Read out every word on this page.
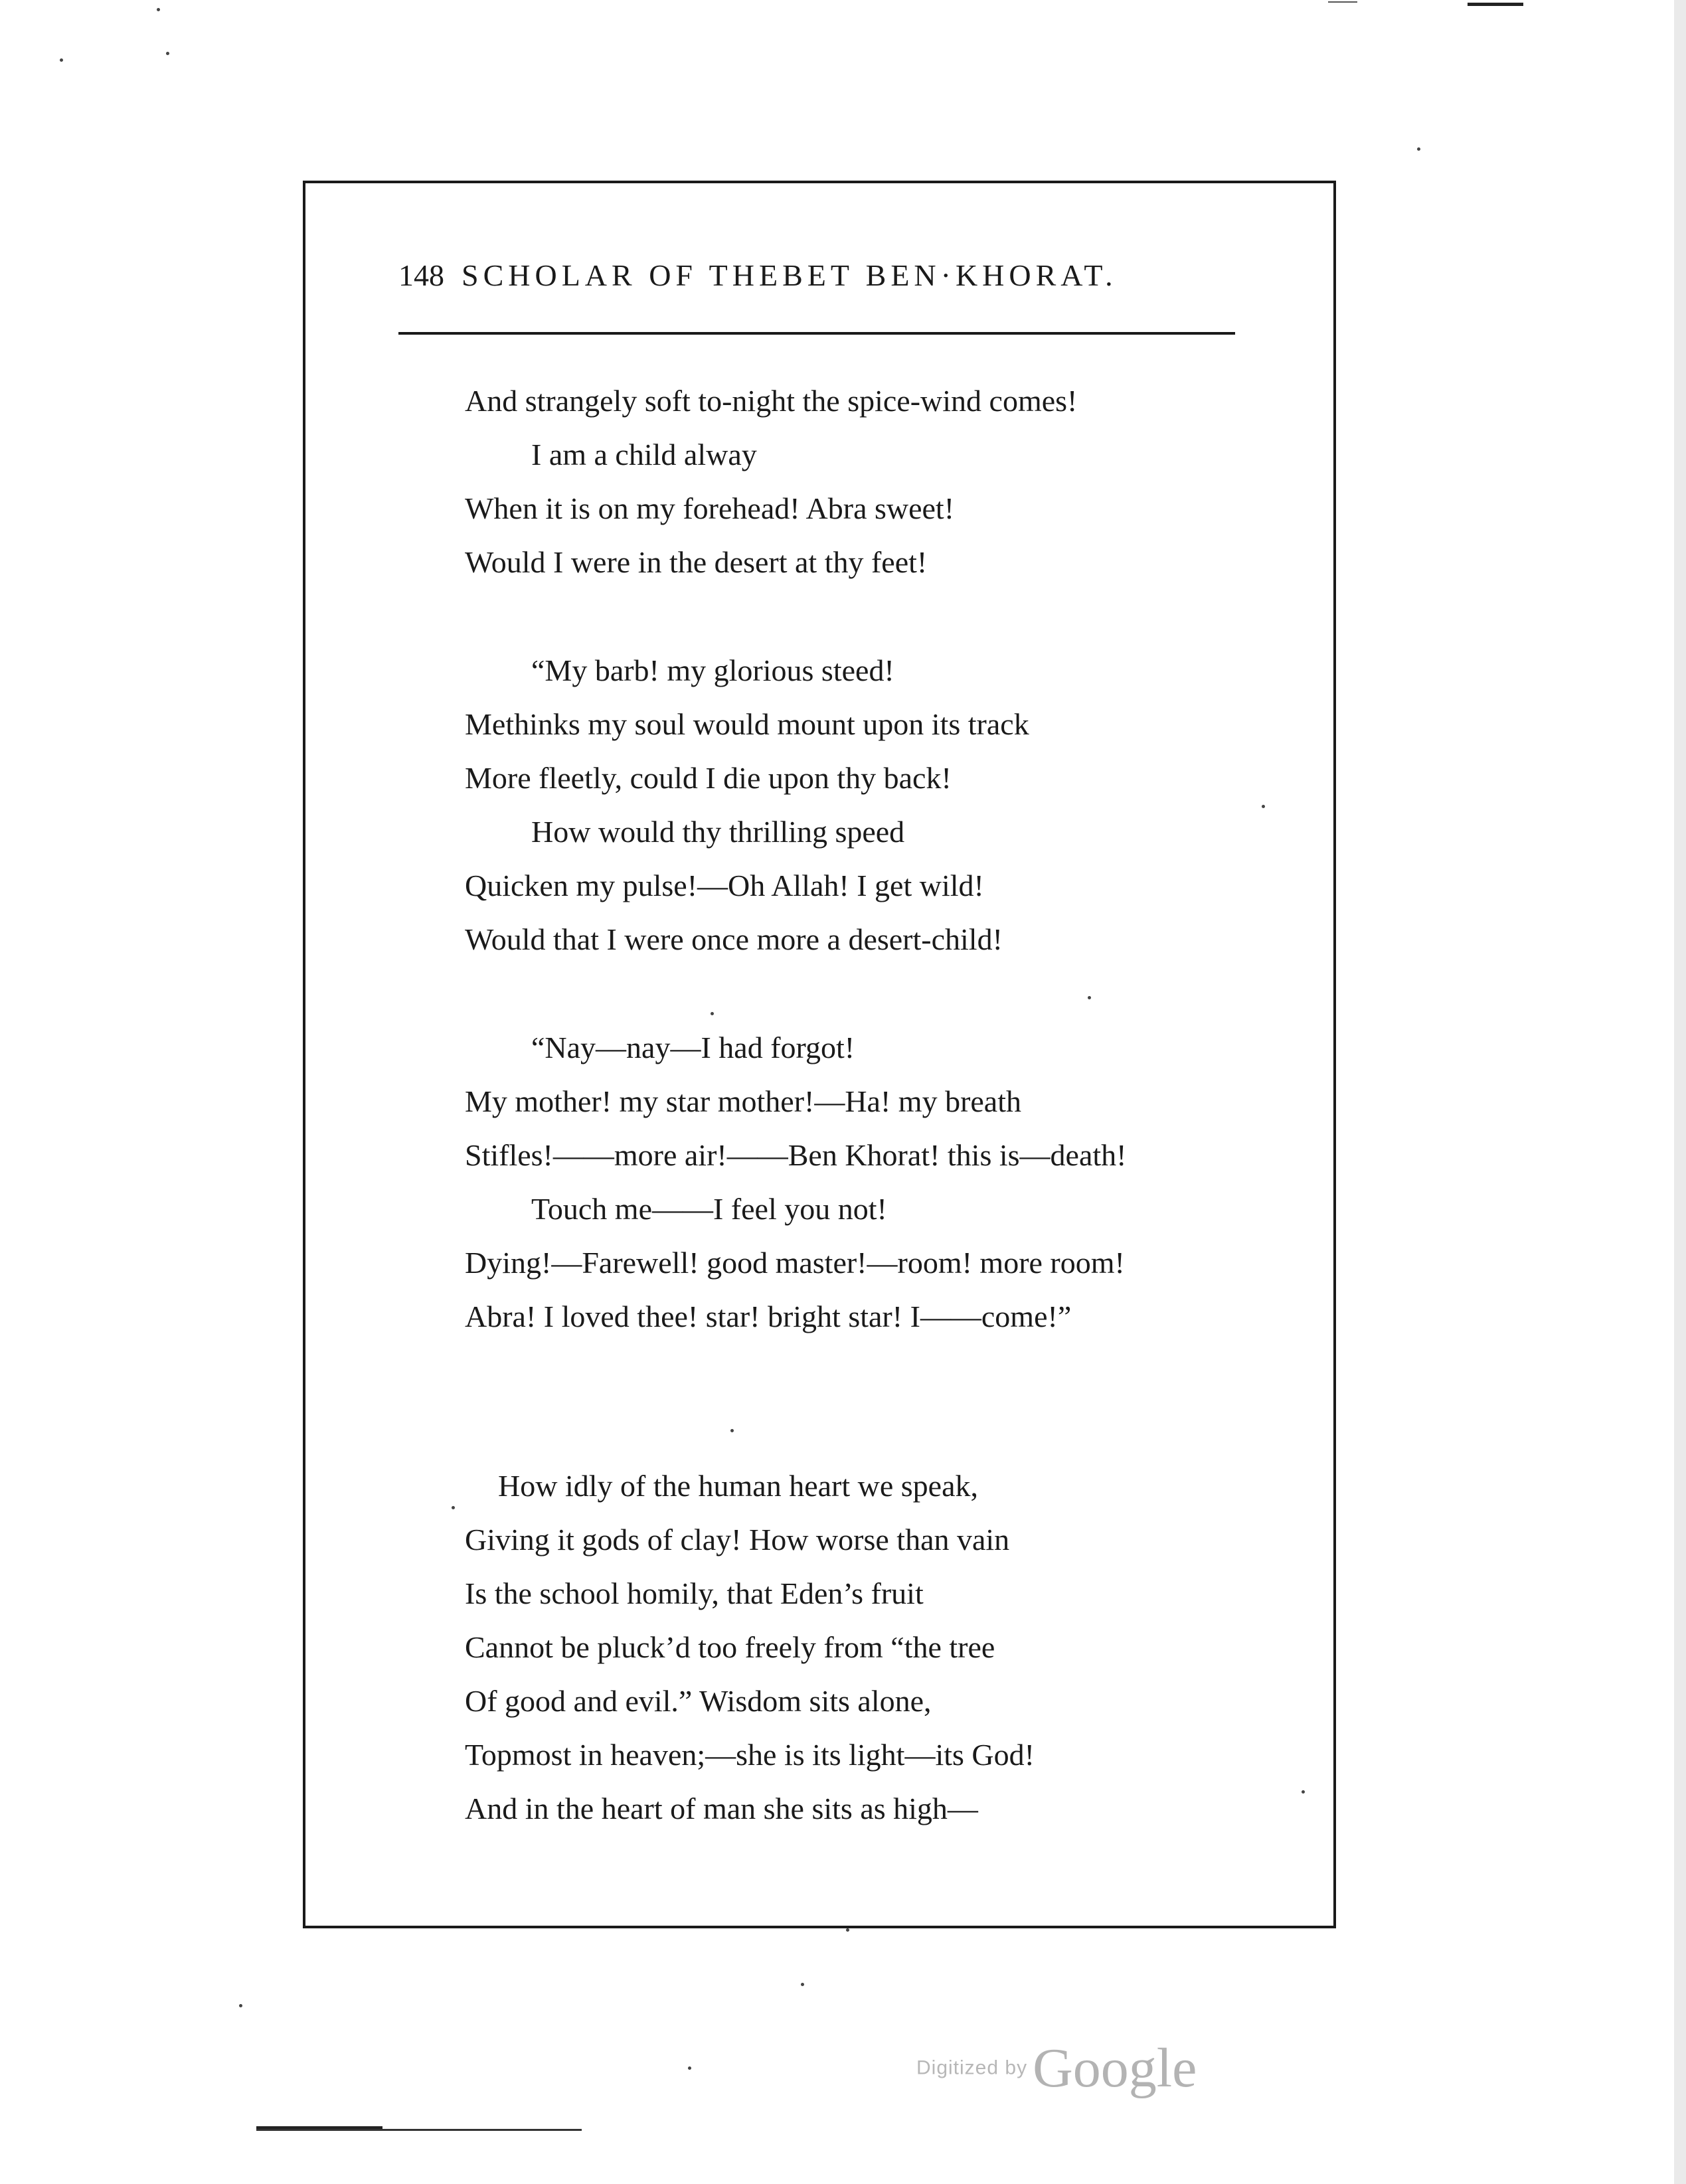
148 SCHOLAR OF THEBET BEN·KHORAT.
And strangely soft to-night the spice-wind comes!
I am a child alway
When it is on my forehead! Abra sweet!
Would I were in the desert at thy feet!
“My barb! my glorious steed!
Methinks my soul would mount upon its track
More fleetly, could I die upon thy back!
How would thy thrilling speed
Quicken my pulse!—Oh Allah! I get wild!
Would that I were once more a desert-child!
“Nay—nay—I had forgot!
My mother! my star mother!—Ha! my breath
Stifles!——more air!——Ben Khorat! this is—death!
Touch me——I feel you not!
Dying!—Farewell! good master!—room! more room!
Abra! I loved thee! star! bright star! I——come!”
How idly of the human heart we speak,
Giving it gods of clay! How worse than vain
Is the school homily, that Eden’s fruit
Cannot be pluck’d too freely from “the tree
Of good and evil.” Wisdom sits alone,
Topmost in heaven;—she is its light—its God!
And in the heart of man she sits as high—
Digitized byGoogle
